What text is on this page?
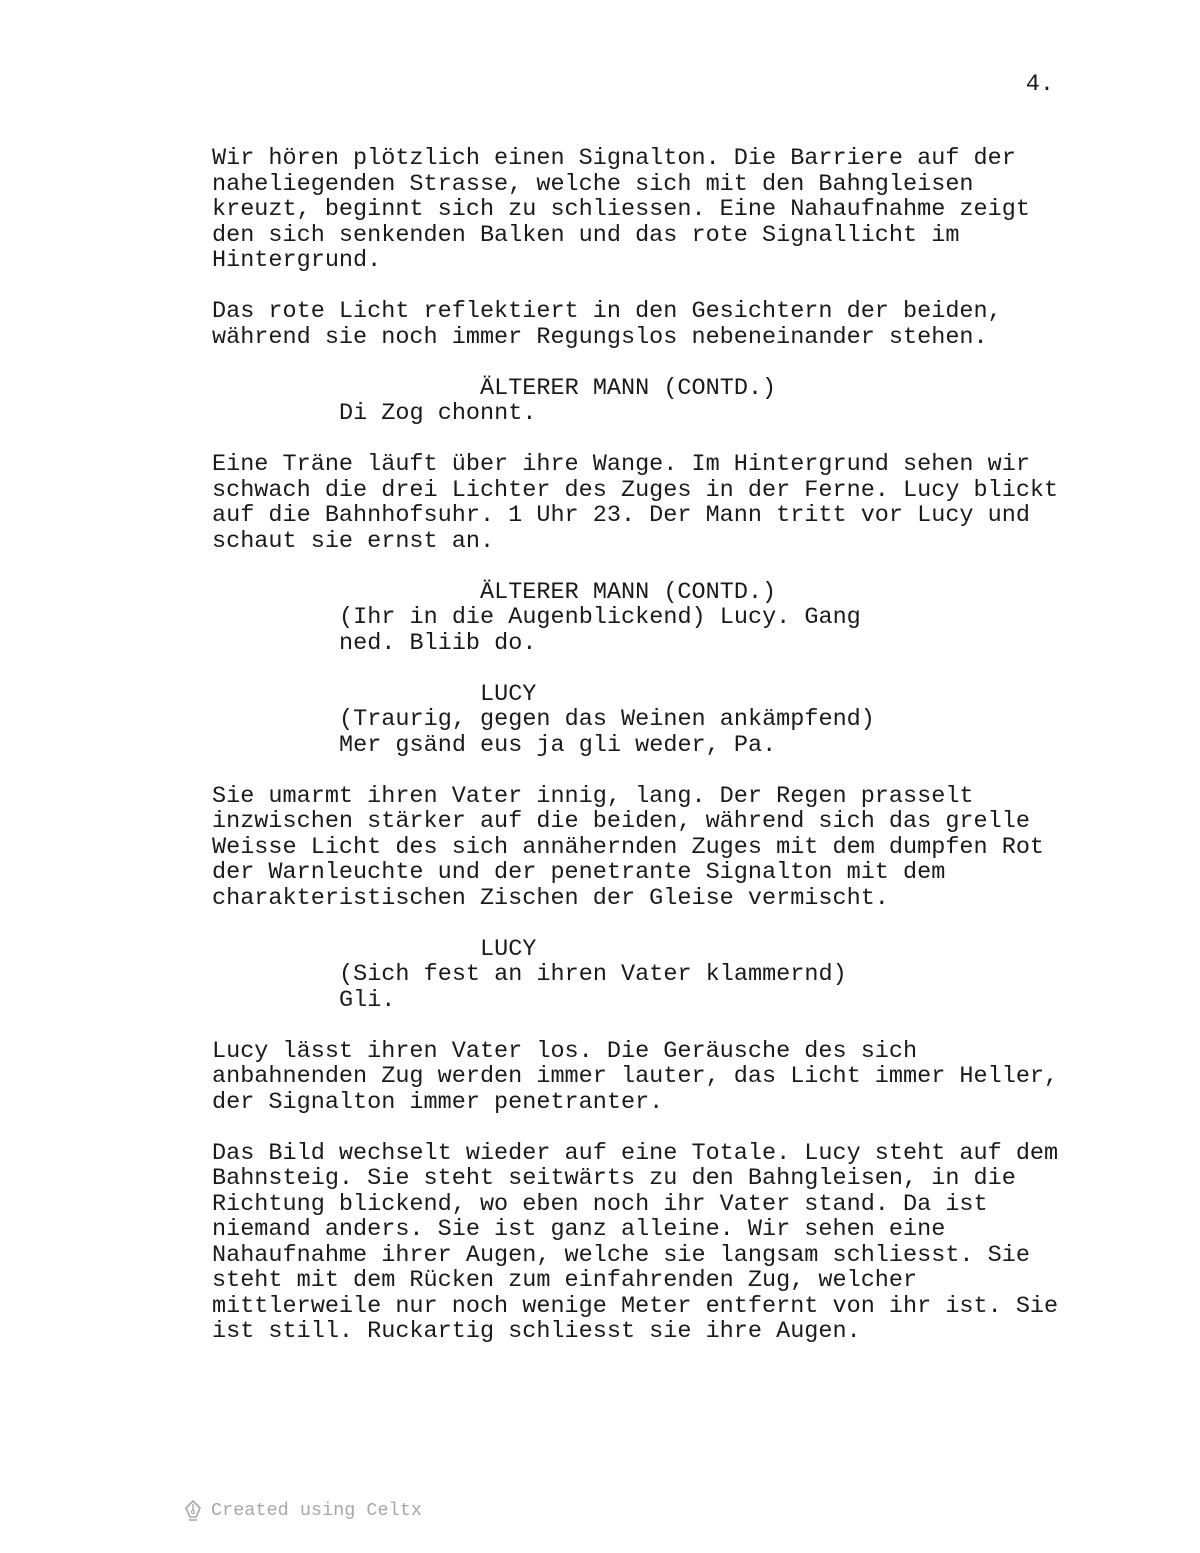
4.
Wir hören plötzlich einen Signalton. Die Barriere auf der
naheliegenden Strasse, welche sich mit den Bahngleisen
kreuzt, beginnt sich zu schliessen. Eine Nahaufnahme zeigt
den sich senkenden Balken und das rote Signallicht im
Hintergrund.
Das rote Licht reflektiert in den Gesichtern der beiden,
während sie noch immer Regungslos nebeneinander stehen.
ÄLTERER MANN (CONTD.)
Di Zog chonnt.
Eine Träne läuft über ihre Wange. Im Hintergrund sehen wir
schwach die drei Lichter des Zuges in der Ferne. Lucy blickt
auf die Bahnhofsuhr. 1 Uhr 23. Der Mann tritt vor Lucy und
schaut sie ernst an.
ÄLTERER MANN (CONTD.)
(Ihr in die Augenblickend) Lucy. Gang
ned. Bliib do.
LUCY
(Traurig, gegen das Weinen ankämpfend)
Mer gsänd eus ja gli weder, Pa.
Sie umarmt ihren Vater innig, lang. Der Regen prasselt
inzwischen stärker auf die beiden, während sich das grelle
Weisse Licht des sich annähernden Zuges mit dem dumpfen Rot
der Warnleuchte und der penetrante Signalton mit dem
charakteristischen Zischen der Gleise vermischt.
LUCY
(Sich fest an ihren Vater klammernd)
Gli.
Lucy lässt ihren Vater los. Die Geräusche des sich
anbahnenden Zug werden immer lauter, das Licht immer Heller,
der Signalton immer penetranter.
Das Bild wechselt wieder auf eine Totale. Lucy steht auf dem
Bahnsteig. Sie steht seitwärts zu den Bahngleisen, in die
Richtung blickend, wo eben noch ihr Vater stand. Da ist
niemand anders. Sie ist ganz alleine. Wir sehen eine
Nahaufnahme ihrer Augen, welche sie langsam schliesst. Sie
steht mit dem Rücken zum einfahrenden Zug, welcher
mittlerweile nur noch wenige Meter entfernt von ihr ist. Sie
ist still. Ruckartig schliesst sie ihre Augen.
Created using Celtx
